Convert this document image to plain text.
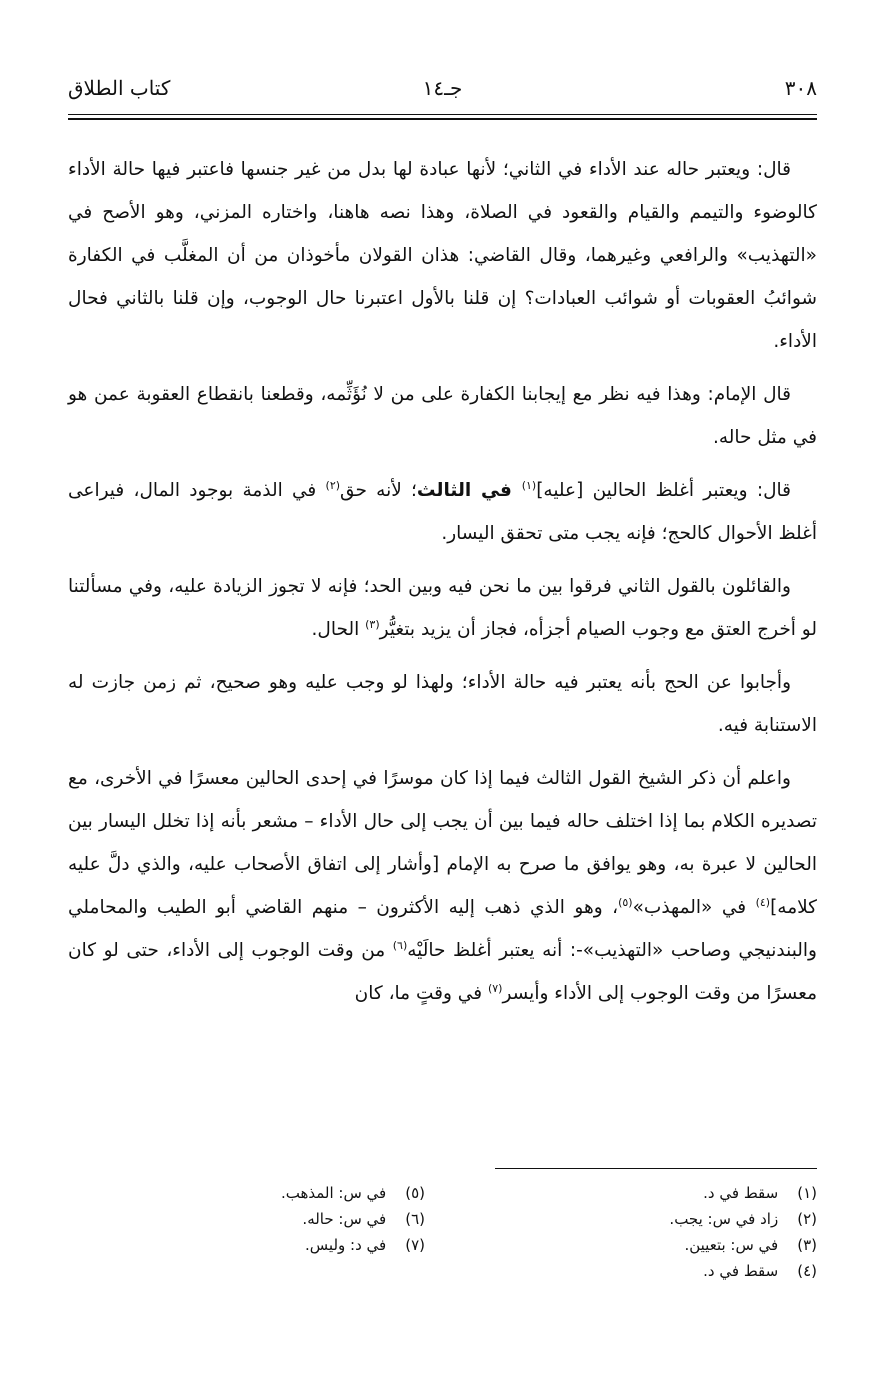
٣٠٨
جـ١٤
كتاب الطلاق

قال: ويعتبر حاله عند الأداء في الثاني؛ لأنها عبادة لها بدل من غير جنسها فاعتبر فيها حالة الأداء كالوضوء والتيمم والقيام والقعود في الصلاة، وهذا نصه هاهنا، واختاره المزني، وهو الأصح في «التهذيب» والرافعي وغيرهما، وقال القاضي: هذان القولان مأخوذان من أن المغلَّب في الكفارة شوائبُ العقوبات أو شوائب العبادات؟ إن قلنا بالأول اعتبرنا حال الوجوب، وإن قلنا بالثاني فحال الأداء.

قال الإمام: وهذا فيه نظر مع إيجابنا الكفارة على من لا نُؤَثِّمه، وقطعنا بانقطاع العقوبة عمن هو في مثل حاله.

قال: ويعتبر أغلظ الحالين [عليه]$^{(١)}$ في الثالث؛ لأنه حق$^{(٢)}$ في الذمة بوجود المال، فيراعى أغلظ الأحوال كالحج؛ فإنه يجب متى تحقق اليسار.

والقائلون بالقول الثاني فرقوا بين ما نحن فيه وبين الحد؛ فإنه لا تجوز الزيادة عليه، وفي مسألتنا لو أخرج العتق مع وجوب الصيام أجزأه، فجاز أن يزيد بتغيُّر$^{(٣)}$ الحال.

وأجابوا عن الحج بأنه يعتبر فيه حالة الأداء؛ ولهذا لو وجب عليه وهو صحيح، ثم زمن جازت له الاستنابة فيه.

واعلم أن ذكر الشيخ القول الثالث فيما إذا كان موسرًا في إحدى الحالين معسرًا في الأخرى، مع تصديره الكلام بما إذا اختلف حاله فيما بين أن يجب إلى حال الأداء – مشعر بأنه إذا تخلل اليسار بين الحالين لا عبرة به، وهو يوافق ما صرح به الإمام [وأشار إلى اتفاق الأصحاب عليه، والذي دلَّ عليه كلامه]$^{(٤)}$ في «المهذب»$^{(٥)}$، وهو الذي ذهب إليه الأكثرون – منهم القاضي أبو الطيب والمحاملي والبندنيجي وصاحب «التهذيب»-: أنه يعتبر أغلظ حالَيْه$^{(٦)}$ من وقت الوجوب إلى الأداء، حتى لو كان معسرًا من وقت الوجوب إلى الأداء وأيسر$^{(٧)}$ في وقتٍ ما، كان

(١) سقط في د.
(٢) زاد في س: يجب.
(٣) في س: بتعيين.
(٤) سقط في د.
(٥) في س: المذهب.
(٦) في س: حاله.
(٧) في د: وليس.
